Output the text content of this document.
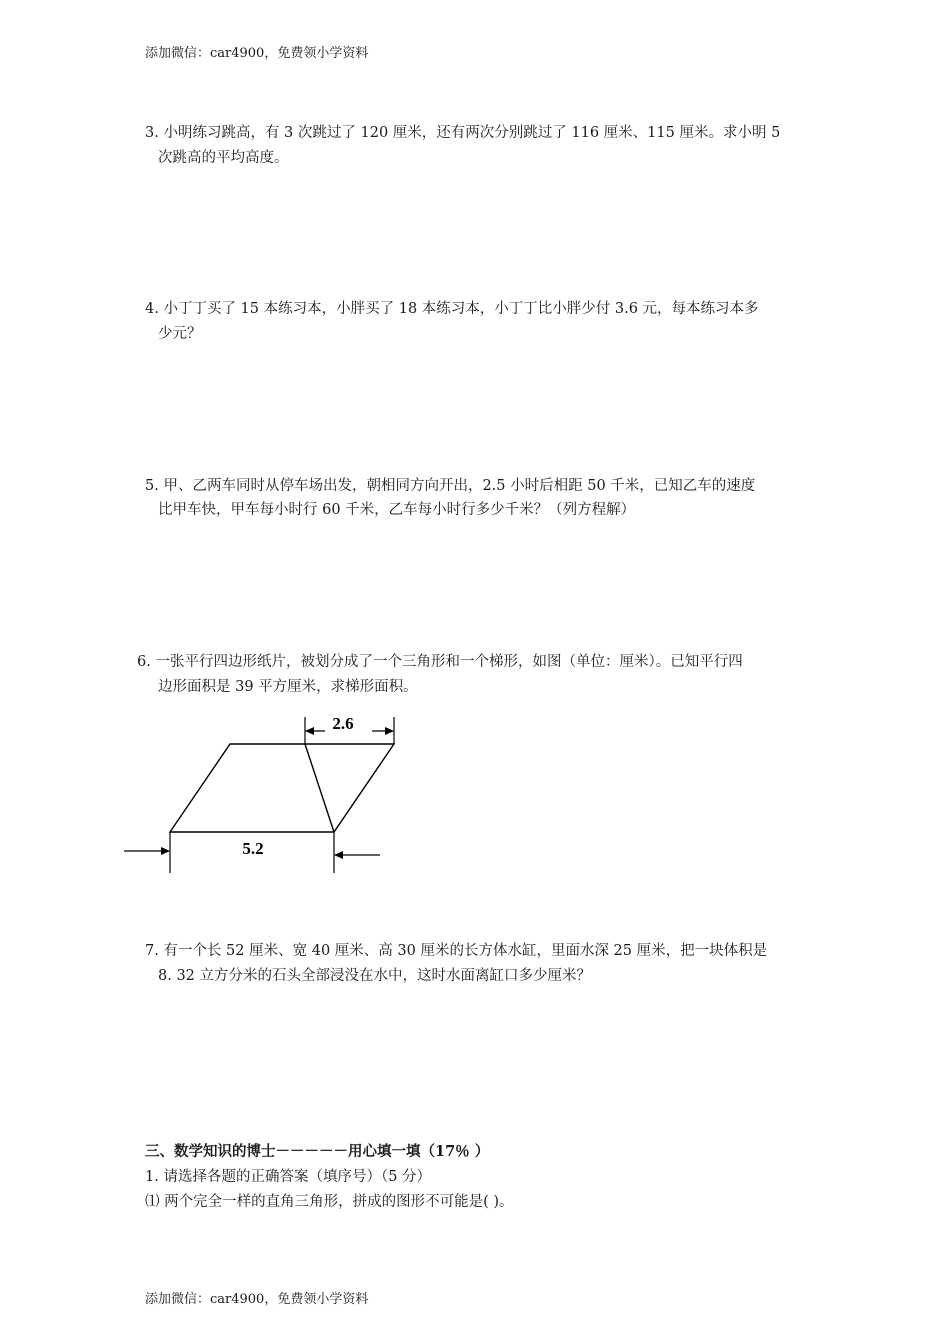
添加微信：car4900，免费领小学资料
3. 小明练习跳高，有 3 次跳过了 120 厘米，还有两次分别跳过了 116 厘米、115 厘米。求小明 5
次跳高的平均高度。
4. 小丁丁买了 15 本练习本，小胖买了 18 本练习本，小丁丁比小胖少付 3.6 元，每本练习本多
少元？
5. 甲、乙两车同时从停车场出发，朝相同方向开出，2.5 小时后相距 50 千米，已知乙车的速度
比甲车快，甲车每小时行 60 千米，乙车每小时行多少千米？（列方程解）
6. 一张平行四边形纸片，被划分成了一个三角形和一个梯形，如图（单位：厘米）。已知平行四
边形面积是 39 平方厘米，求梯形面积。
2.6
5.2
7. 有一个长 52 厘米、宽 40 厘米、高 30 厘米的长方体水缸，里面水深 25 厘米，把一块体积是
8. 32 立方分米的石头全部浸没在水中，这时水面离缸口多少厘米？
三、数学知识的博士－－－－－用心填一填（17％ ）
1. 请选择各题的正确答案（填序号）（5 分）
⑴ 两个完全一样的直角三角形，拼成的图形不可能是( )。
添加微信：car4900，免费领小学资料
